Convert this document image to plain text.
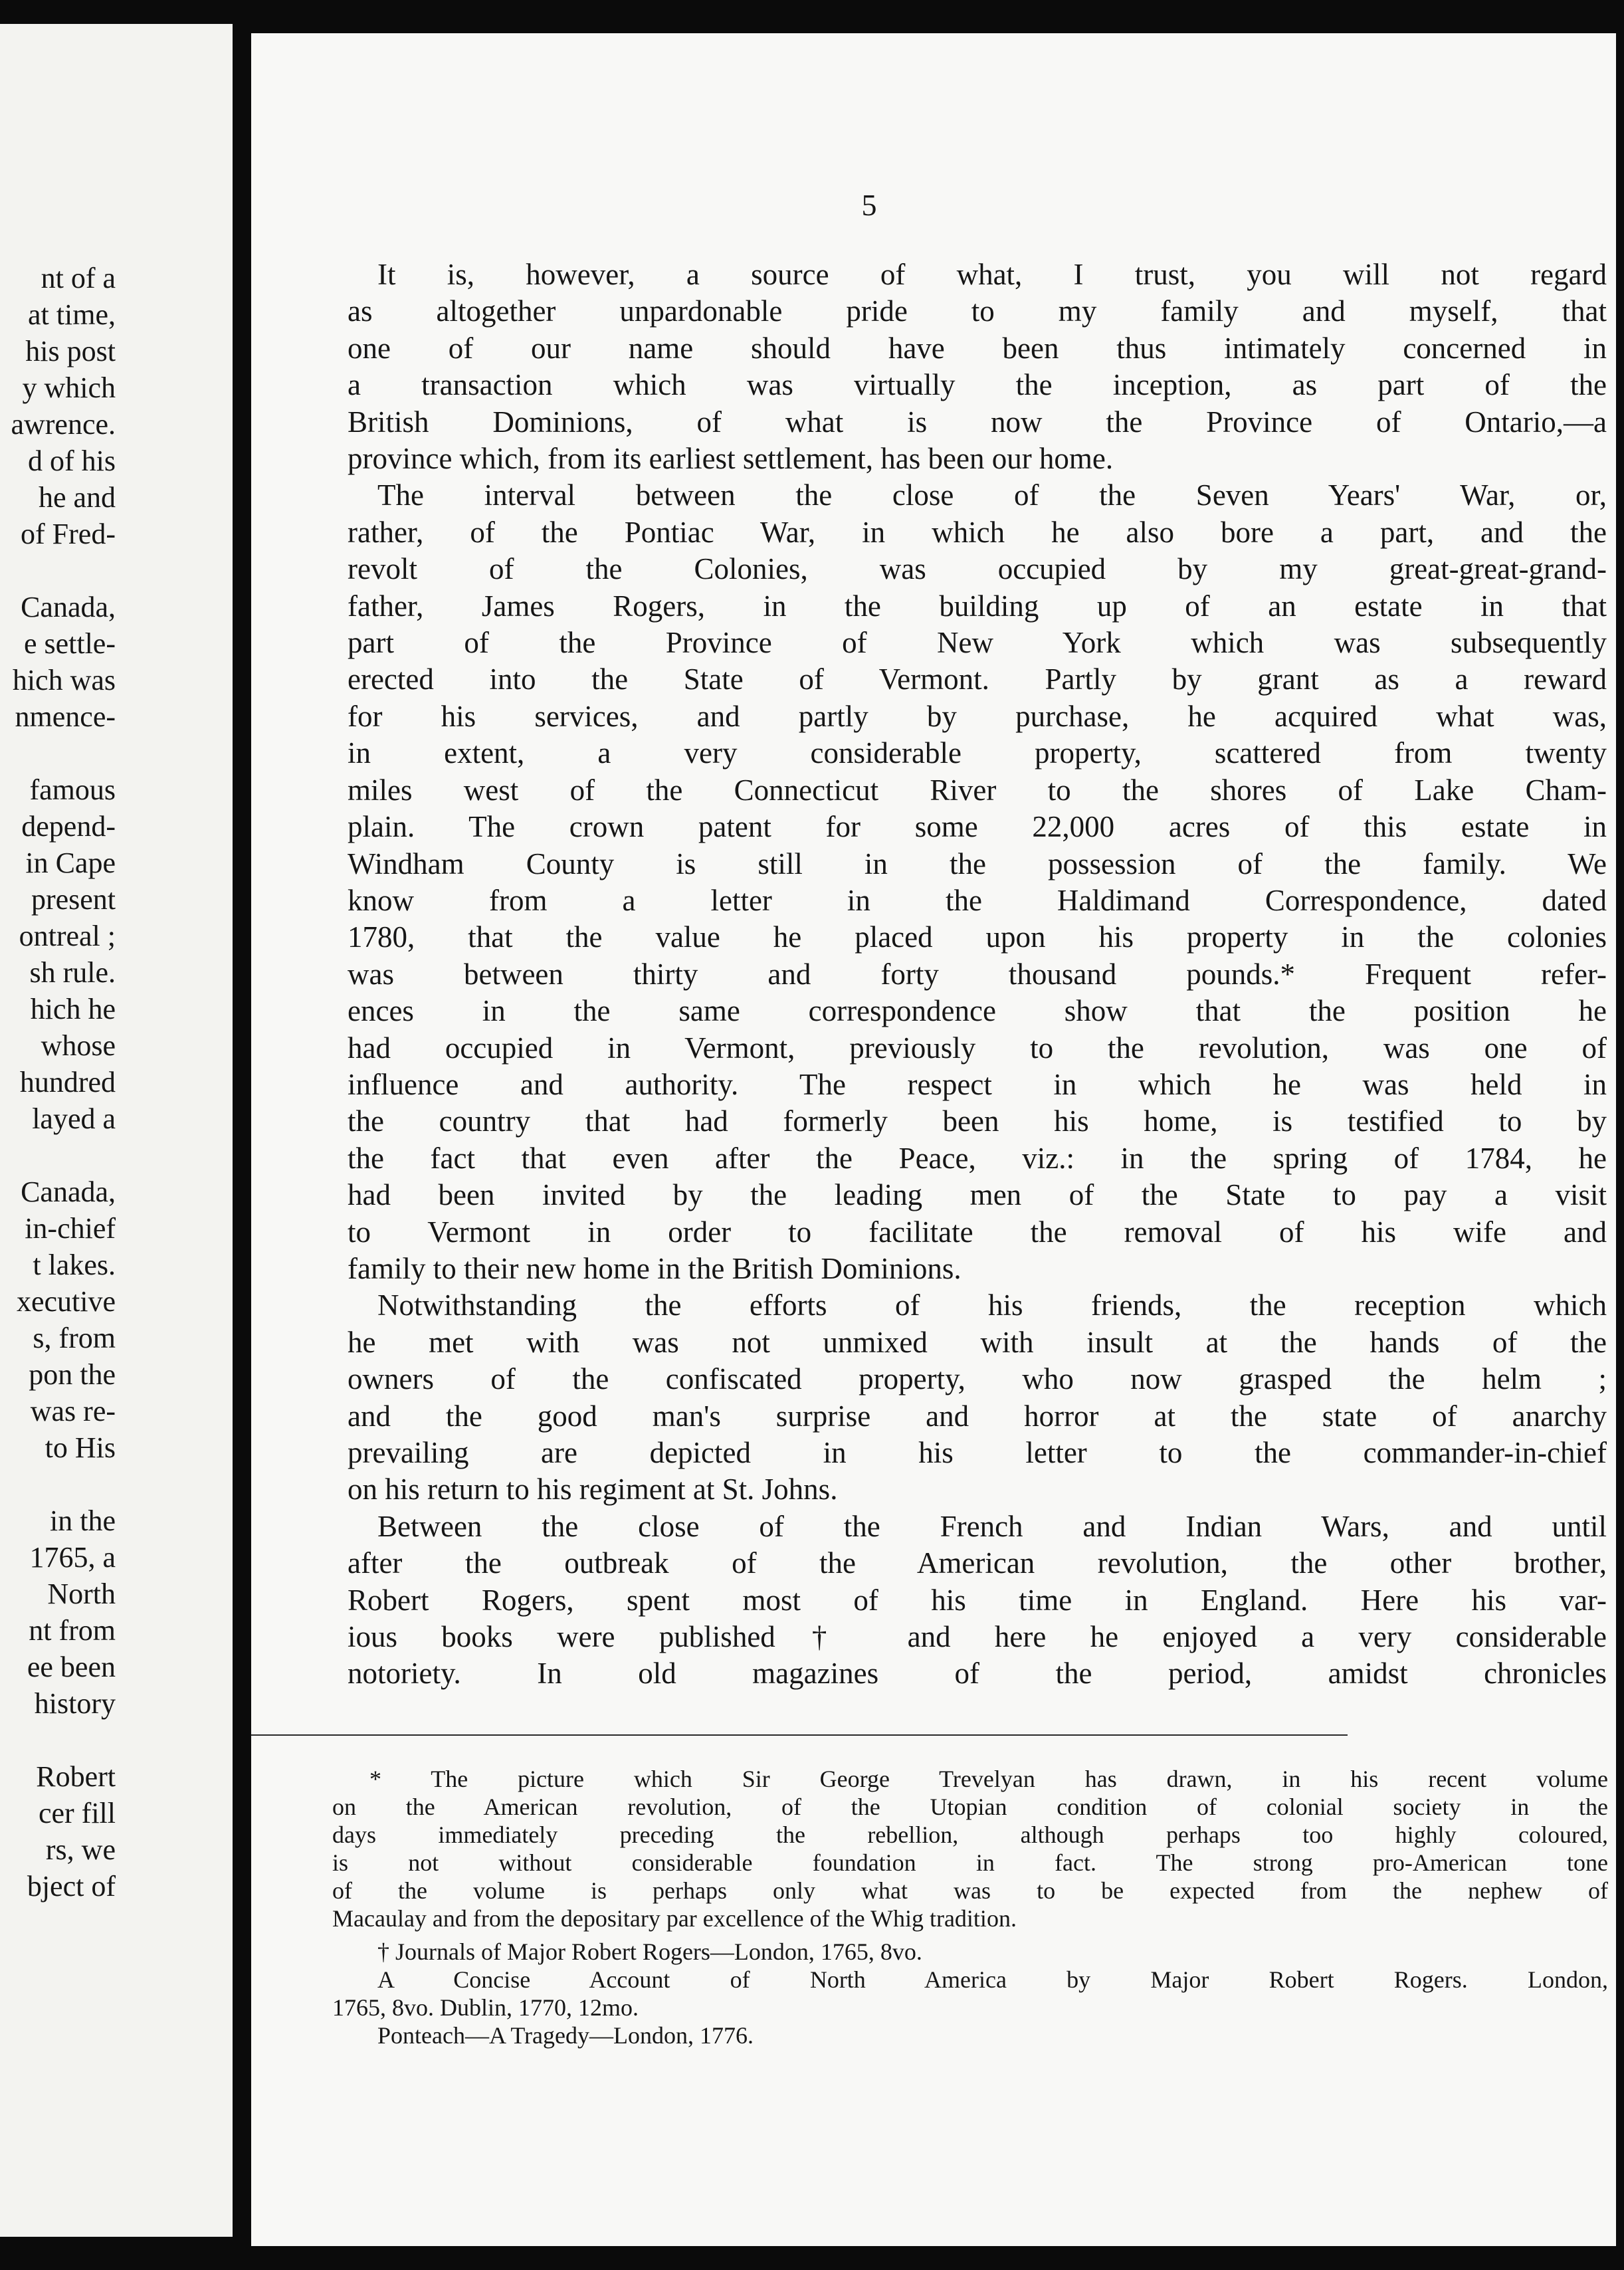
nt of a
at time,
his post
y which
awrence.
d of his
he and
of Fred-
Canada,
e settle-
hich was
nmence-
famous
depend-
in Cape
present
ontreal ;
sh rule.
hich he
whose
hundred
layed a
Canada,
in-chief
t lakes.
xecutive
s, from
pon the
was re-
to His
in the
1765, a
North
nt from
ee been
history
Robert
cer fill
rs, we
bject of
5
It is, however, a source of what, I trust, you will not regard
as altogether unpardonable pride to my family and myself, that
one of our name should have been thus intimately concerned in
a transaction which was virtually the inception, as part of the
British Dominions, of what is now the Province of Ontario,—a
province which, from its earliest settlement, has been our home.
The interval between the close of the Seven Years' War, or,
rather, of the Pontiac War, in which he also bore a part, and the
revolt of the Colonies, was occupied by my great-great-grand-
father, James Rogers, in the building up of an estate in that
part of the Province of New York which was subsequently
erected into the State of Vermont. Partly by grant as a reward
for his services, and partly by purchase, he acquired what was,
in extent, a very considerable property, scattered from twenty
miles west of the Connecticut River to the shores of Lake Cham-
plain. The crown patent for some 22,000 acres of this estate in
Windham County is still in the possession of the family. We
know from a letter in the Haldimand Correspondence, dated
1780, that the value he placed upon his property in the colonies
was between thirty and forty thousand pounds.* Frequent refer-
ences in the same correspondence show that the position he
had occupied in Vermont, previously to the revolution, was one of
influence and authority. The respect in which he was held in
the country that had formerly been his home, is testified to by
the fact that even after the Peace, viz.: in the spring of 1784, he
had been invited by the leading men of the State to pay a visit
to Vermont in order to facilitate the removal of his wife and
family to their new home in the British Dominions.
Notwithstanding the efforts of his friends, the reception which
he met with was not unmixed with insult at the hands of the
owners of the confiscated property, who now grasped the helm ;
and the good man's surprise and horror at the state of anarchy
prevailing are depicted in his letter to the commander-in-chief
on his return to his regiment at St. Johns.
Between the close of the French and Indian Wars, and until
after the outbreak of the American revolution, the other brother,
Robert Rogers, spent most of his time in England. Here his var-
ious books were published† and here he enjoyed a very considerable
notoriety. In old magazines of the period, amidst chronicles
* The picture which Sir George Trevelyan has drawn, in his recent volume
on the American revolution, of the Utopian condition of colonial society in the
days immediately preceding the rebellion, although perhaps too highly coloured,
is not without considerable foundation in fact. The strong pro-American tone
of the volume is perhaps only what was to be expected from the nephew of
Macaulay and from the depositary par excellence of the Whig tradition.
† Journals of Major Robert Rogers—London, 1765, 8vo.
A Concise Account of North America by Major Robert Rogers. London,
1765, 8vo. Dublin, 1770, 12mo.
Ponteach—A Tragedy—London, 1776.
